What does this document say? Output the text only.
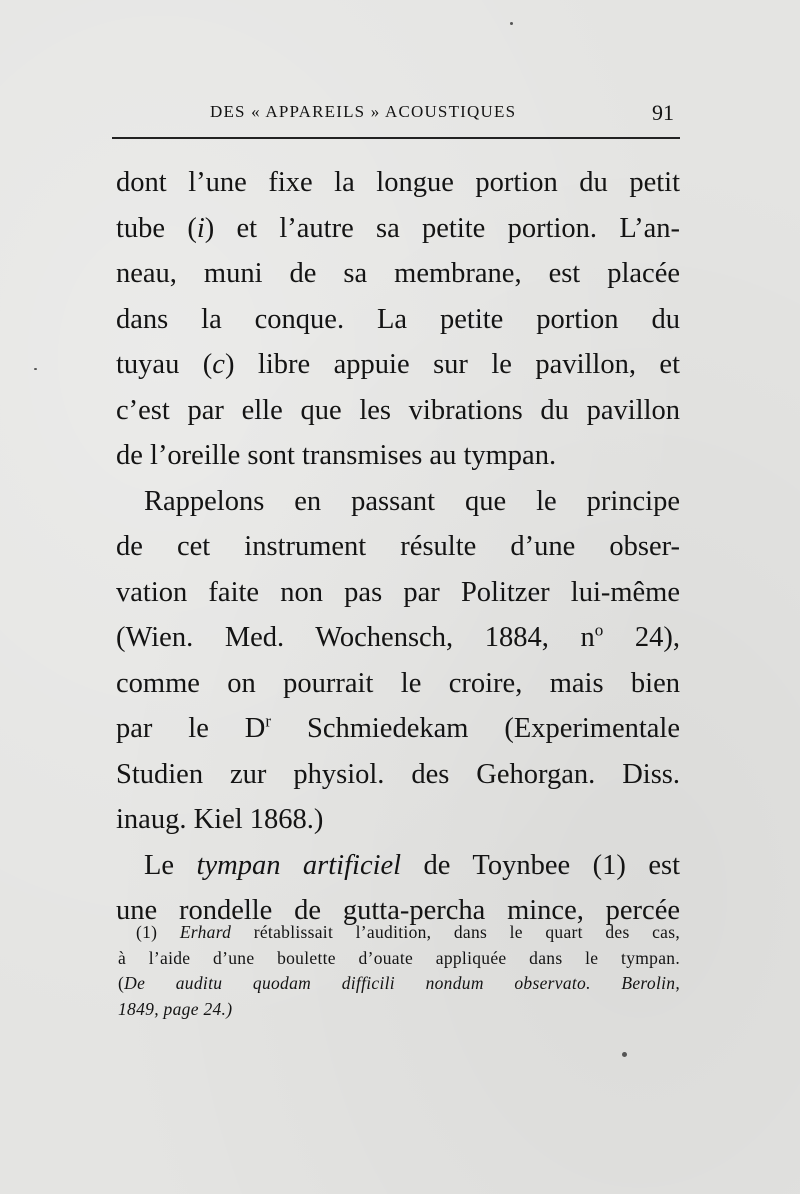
DES « APPAREILS » ACOUSTIQUES	91
dont l’une fixe la longue portion du petit
tube (i) et l’autre sa petite portion. L’an-
neau, muni de sa membrane, est placée
dans la conque. La petite portion du
tuyau (c) libre appuie sur le pavillon, et
c’est par elle que les vibrations du pavillon
de l’oreille sont transmises au tympan.
Rappelons en passant que le principe
de cet instrument résulte d’une obser-
vation faite non pas par Politzer lui-même
(Wien. Med. Wochensch, 1884, $n^o$ 24),
comme on pourrait le croire, mais bien
par le $D^r$ Schmiedekam (Experimentale
Studien zur physiol. des Gehorgan. Diss.
inaug. Kiel 1868.)
Le tympan artificiel de Toynbee (1) est
une rondelle de gutta-percha mince, percée
(1) Erhard rétablissait l’audition, dans le quart des cas,
à l’aide d’une boulette d’ouate appliquée dans le tympan.
(De auditu quodam difficili nondum observato. Berolin,
1849, page 24.)
